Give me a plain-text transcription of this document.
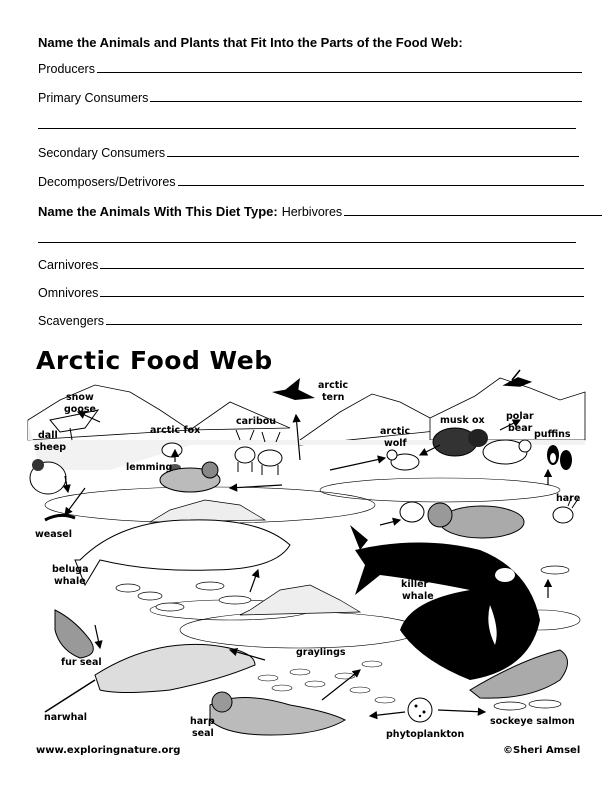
Name the Animals and Plants that Fit Into the Parts of the Food Web:
Producers
Primary Consumers
Secondary Consumers
Decomposers/Detrivores
Name the Animals With This Diet Type: Herbivores
Carnivores
Omnivores
Scavengers
Arctic Food Web
snow
goose
arctic
tern
dall
sheep
arctic fox
caribou	musk ox polar
bear
puffins
arctic
wolf
lemming
hare
weasel
beluga
whale	killer
whale
fur seal
graylings
narwhal	harp
seal	phytoplankton
sockeye salmon
www.exploringnature.org	©Sheri Amsel
